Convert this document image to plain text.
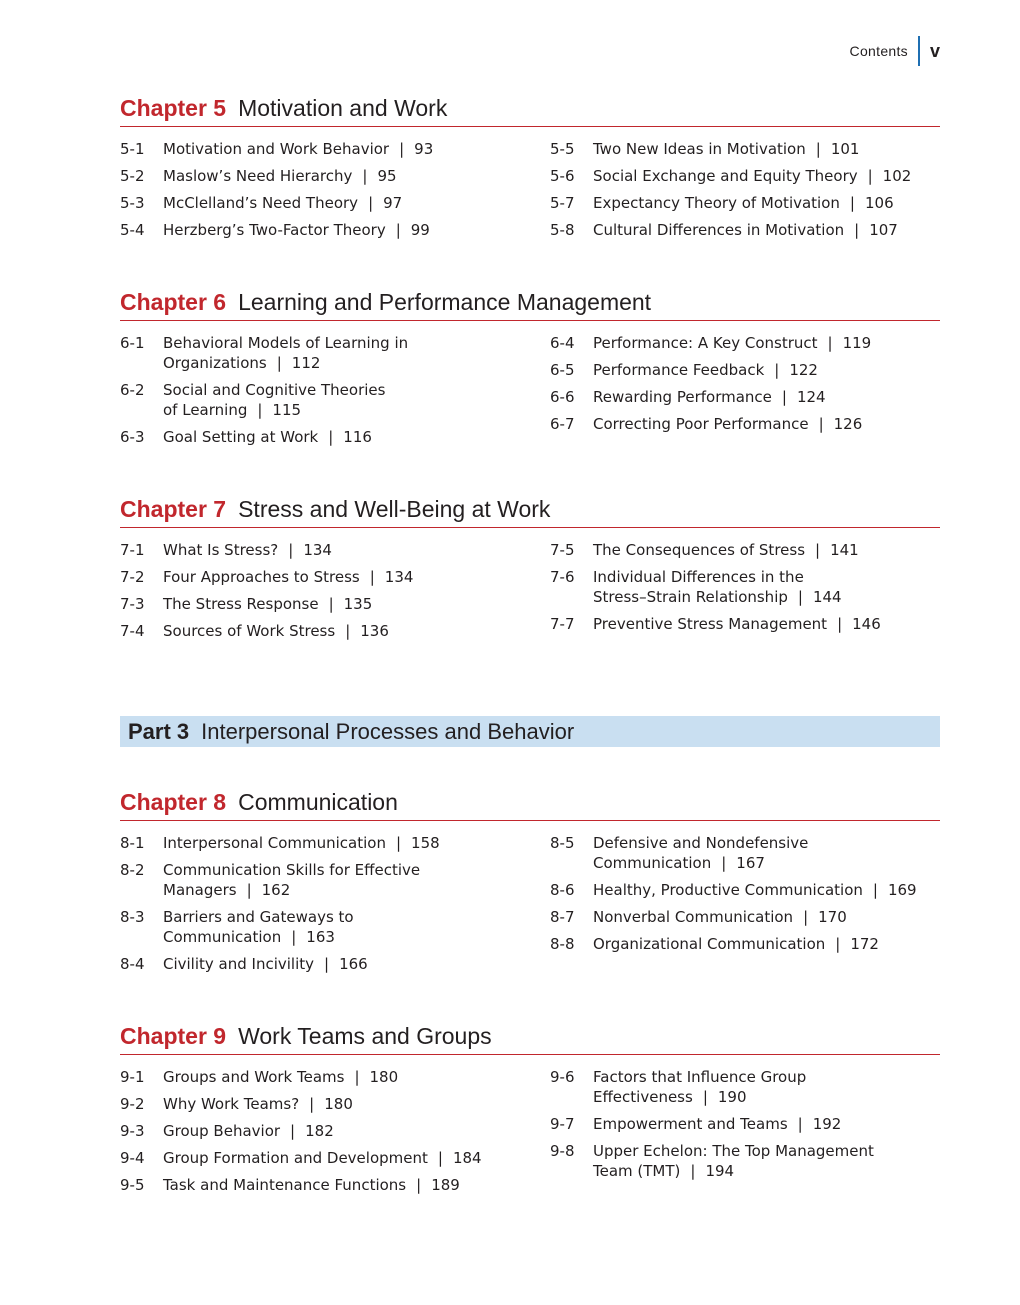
Contents v
Chapter 5 Motivation and Work
5-1	Motivation and Work Behavior | 93
5-2	Maslow’s Need Hierarchy | 95
5-3	McClelland’s Need Theory | 97
5-4	Herzberg’s Two-Factor Theory | 99
5-5	Two New Ideas in Motivation | 101
5-6	Social Exchange and Equity Theory | 102
5-7	Expectancy Theory of Motivation | 106
5-8	Cultural Differences in Motivation | 107
Chapter 6 Learning and Performance Management
6-1	Behavioral Models of Learning in
Organizations | 112
6-2	Social and Cognitive Theories
of Learning | 115
6-3	Goal Setting at Work | 116
6-4	Performance: A Key Construct | 119
6-5	Performance Feedback | 122
6-6	Rewarding Performance | 124
6-7	Correcting Poor Performance | 126
Chapter 7 Stress and Well-Being at Work
7-1	What Is Stress? | 134
7-2	Four Approaches to Stress | 134
7-3	The Stress Response | 135
7-4	Sources of Work Stress | 136
7-5	The Consequences of Stress | 141
7-6	Individual Differences in the
Stress–Strain Relationship | 144
7-7	Preventive Stress Management | 146
Part 3 Interpersonal Processes and Behavior
Chapter 8 Communication
8-1	Interpersonal Communication | 158
8-2	Communication Skills for Effective
Managers | 162
8-3	Barriers and Gateways to
Communication | 163
8-4	Civility and Incivility | 166
8-5	Defensive and Nondefensive
Communication | 167
8-6	Healthy, Productive Communication | 169
8-7	Nonverbal Communication | 170
8-8	Organizational Communication | 172
Chapter 9 Work Teams and Groups
9-1	Groups and Work Teams | 180
9-2	Why Work Teams? | 180
9-3	Group Behavior | 182
9-4	Group Formation and Development | 184
9-5	Task and Maintenance Functions | 189
9-6	Factors that Influence Group
Effectiveness | 190
9-7	Empowerment and Teams | 192
9-8	Upper Echelon: The Top Management
Team (TMT) | 194
